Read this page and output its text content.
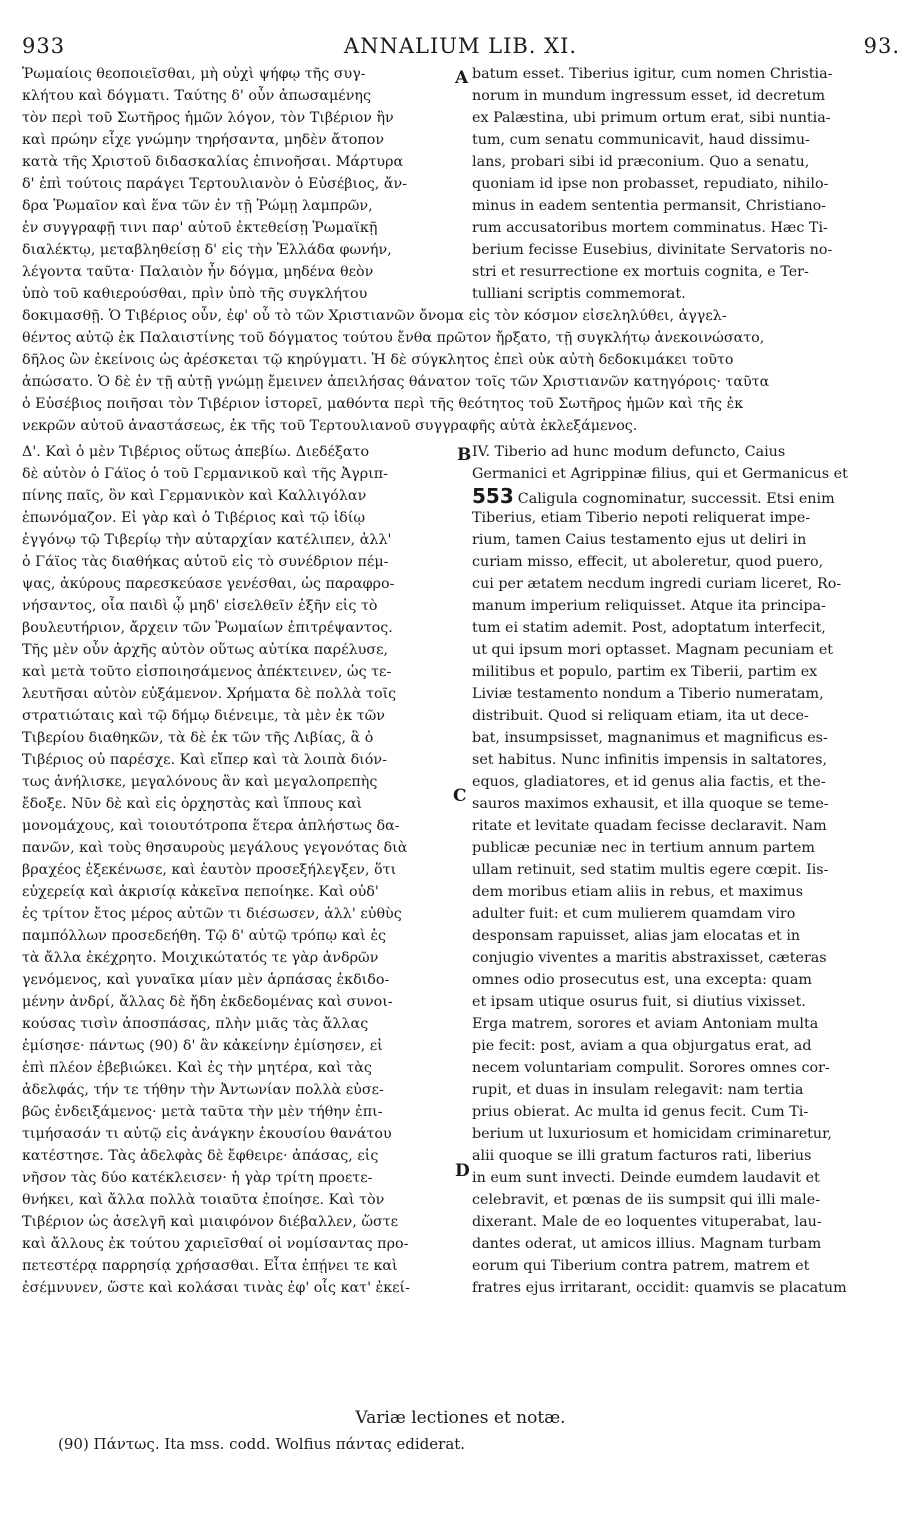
933	ANNALIUM LIB. XI.	93.
Ῥωμαίοις θεοποιεῖσθαι, μὴ οὐχὶ ψήφῳ τῆς συγ-
κλήτου καὶ δόγματι. Ταύτης δ' οὖν ἀπωσαμένης
τὸν περὶ τοῦ Σωτῆρος ἡμῶν λόγον, τὸν Τιβέριον ἣν
καὶ πρώην εἶχε γνώμην τηρήσαντα, μηδὲν ἄτοπον
κατὰ τῆς Χριστοῦ διδασκαλίας ἐπινοῆσαι. Μάρτυρα
δ' ἐπὶ τούτοις παράγει Τερτουλιανὸν ὁ Εὐσέβιος, ἄν-
δρα Ῥωμαῖον καὶ ἕνα τῶν ἐν τῇ Ῥώμῃ λαμπρῶν,
ἐν συγγραφῇ τινι παρ' αὐτοῦ ἐκτεθείσῃ Ῥωμαϊκῇ
διαλέκτῳ, μεταβληθείσῃ δ' εἰς τὴν Ἑλλάδα φωνήν,
λέγοντα ταῦτα· Παλαιὸν ἦν δόγμα, μηδένα θεὸν
ὑπὸ τοῦ καθιερούσθαι, πρὶν ὑπὸ τῆς συγκλήτου
batum esset. Tiberius igitur, cum nomen Christia-
norum in mundum ingressum esset, id decretum
ex Palæstina, ubi primum ortum erat, sibi nuntia-
tum, cum senatu communicavit, haud dissimu-
lans, probari sibi id præconium. Quo a senatu,
quoniam id ipse non probasset, repudiato, nihilo-
minus in eadem sententia permansit, Christiano-
rum accusatoribus mortem comminatus. Hæc Ti-
berium fecisse Eusebius, divinitate Servatoris no-
stri et resurrectione ex mortuis cognita, e Ter-
tulliani scriptis commemorat.
δοκιμασθῇ. Ὁ Τιβέριος οὖν, ἐφ' οὗ τὸ τῶν Χριστιανῶν ὄνομα εἰς τὸν κόσμον εἰσεληλύθει, ἀγγελ-
θέντος αὐτῷ ἐκ Παλαιστίνης τοῦ δόγματος τούτου ἔνθα πρῶτον ἤρξατο, τῇ συγκλήτῳ ἀνεκοινώσατο,
δῆλος ὢν ἐκείνοις ὡς ἀρέσκεται τῷ κηρύγματι. Ἡ δὲ σύγκλητος ἐπεὶ οὐκ αὐτὴ δεδοκιμάκει τοῦτο
ἀπώσατο. Ὁ δὲ ἐν τῇ αὐτῇ γνώμῃ ἔμεινεν ἀπειλήσας θάνατον τοῖς τῶν Χριστιανῶν κατηγόροις· ταῦτα
ὁ Εὐσέβιος ποιῆσαι τὸν Τιβέριον ἱστορεῖ, μαθόντα περὶ τῆς θεότητος τοῦ Σωτῆρος ἡμῶν καὶ τῆς ἐκ
νεκρῶν αὐτοῦ ἀναστάσεως, ἐκ τῆς τοῦ Τερτουλιανοῦ συγγραφῆς αὐτὰ ἐκλεξάμενος.
Δ'. Καὶ ὁ μὲν Τιβέριος οὕτως ἀπεβίω. Διεδέξατο
δὲ αὐτὸν ὁ Γάϊος ὁ τοῦ Γερμανικοῦ καὶ τῆς Ἀγριπ-
πίνης παῖς, ὃν καὶ Γερμανικὸν καὶ Καλλιγόλαν
ἐπωνόμαζον. Εἰ γὰρ καὶ ὁ Τιβέριος καὶ τῷ ἰδίῳ
ἐγγόνῳ τῷ Τιβερίῳ τὴν αὐταρχίαν κατέλιπεν, ἀλλ'
ὁ Γάϊος τὰς διαθήκας αὐτοῦ εἰς τὸ συνέδριον πέμ-
ψας, ἀκύρους παρεσκεύασε γενέσθαι, ὡς παραφρο-
νήσαντος, οἷα παιδὶ ᾧ μηδ' εἰσελθεῖν ἐξῆν εἰς τὸ
βουλευτήριον, ἄρχειν τῶν Ῥωμαίων ἐπιτρέψαντος.
Τῆς μὲν οὖν ἀρχῆς αὐτὸν οὕτως αὐτίκα παρέλυσε,
καὶ μετὰ τοῦτο εἰσποιησάμενος ἀπέκτεινεν, ὡς τε-
λευτῆσαι αὐτὸν εὐξάμενον. Χρήματα δὲ πολλὰ τοῖς
στρατιώταις καὶ τῷ δήμῳ διένειμε, τὰ μὲν ἐκ τῶν
Τιβερίου διαθηκῶν, τὰ δὲ ἐκ τῶν τῆς Λιβίας, ἃ ὁ
Τιβέριος οὐ παρέσχε. Καὶ εἴπερ καὶ τὰ λοιπὰ διόν-
τως ἀνήλισκε, μεγαλόνους ἂν καὶ μεγαλοπρεπὴς
ἔδοξε. Νῦν δὲ καὶ εἰς ὀρχηστὰς καὶ ἵππους καὶ
μονομάχους, καὶ τοιουτότροπα ἕτερα ἀπλήστως δα-
πανῶν, καὶ τοὺς θησαυροὺς μεγάλους γεγονότας διὰ
βραχέος ἐξεκένωσε, καὶ ἑαυτὸν προσεξήλεγξεν, ὅτι
εὐχερείᾳ καὶ ἀκρισίᾳ κἀκεῖνα πεποίηκε. Καὶ οὐδ'
ἐς τρίτον ἔτος μέρος αὐτῶν τι διέσωσεν, ἀλλ' εὐθὺς
παμπόλλων προσεδεήθη. Τῷ δ' αὐτῷ τρόπῳ καὶ ἐς
τὰ ἄλλα ἐκέχρητο. Μοιχικώτατός τε γὰρ ἀνδρῶν
γενόμενος, καὶ γυναῖκα μίαν μὲν ἁρπάσας ἐκδιδο-
μένην ἀνδρί, ἄλλας δὲ ἤδη ἐκδεδομένας καὶ συνοι-
κούσας τισὶν ἀποσπάσας, πλὴν μιᾶς τὰς ἄλλας
ἐμίσησε· πάντως (90) δ' ἂν κἀκείνην ἐμίσησεν, εἰ
ἐπὶ πλέον ἐβεβιώκει. Καὶ ἐς τὴν μητέρα, καὶ τὰς
ἀδελφάς, τήν τε τήθην τὴν Ἀντωνίαν πολλὰ εὐσε-
βῶς ἐνδειξάμενος· μετὰ ταῦτα τὴν μὲν τήθην ἐπι-
τιμήσασάν τι αὐτῷ εἰς ἀνάγκην ἑκουσίου θανάτου
κατέστησε. Τὰς ἀδελφὰς δὲ ἔφθειρε· ἁπάσας, εἰς
νῆσον τὰς δύο κατέκλεισεν· ἡ γὰρ τρίτη προετε-
θνήκει, καὶ ἄλλα πολλὰ τοιαῦτα ἐποίησε. Καὶ τὸν
Τιβέριον ὡς ἀσελγῆ καὶ μιαιφόνον διέβαλλεν, ὥστε
καὶ ἄλλους ἐκ τούτου χαριεῖσθαί οἱ νομίσαντας προ-
πετεστέρᾳ παρρησίᾳ χρήσασθαι. Εἶτα ἐπῄνει τε καὶ
ἐσέμνυνεν, ὥστε καὶ κολάσαι τινὰς ἐφ' οἷς κατ' ἐκεί-
IV. Tiberio ad hunc modum defuncto, Caius
Germanici et Agrippinæ filius, qui et Germanicus et
553 Caligula cognominatur, successit. Etsi enim
Tiberius, etiam Tiberio nepoti reliquerat impe-
rium, tamen Caius testamento ejus ut deliri in
curiam misso, effecit, ut aboleretur, quod puero,
cui per ætatem necdum ingredi curiam liceret, Ro-
manum imperium reliquisset. Atque ita principa-
tum ei statim ademit. Post, adoptatum interfecit,
ut qui ipsum mori optasset. Magnam pecuniam et
militibus et populo, partim ex Tiberii, partim ex
Liviæ testamento nondum a Tiberio numeratam,
distribuit. Quod si reliquam etiam, ita ut dece-
bat, insumpsisset, magnanimus et magnificus es-
set habitus. Nunc infinitis impensis in saltatores,
equos, gladiatores, et id genus alia factis, et the-
sauros maximos exhausit, et illa quoque se teme-
ritate et levitate quadam fecisse declaravit. Nam
publicæ pecuniæ nec in tertium annum partem
ullam retinuit, sed statim multis egere cœpit. Iis-
dem moribus etiam aliis in rebus, et maximus
adulter fuit: et cum mulierem quamdam viro
desponsam rapuisset, alias jam elocatas et in
conjugio viventes a maritis abstraxisset, cæteras
omnes odio prosecutus est, una excepta: quam
et ipsam utique osurus fuit, si diutius vixisset.
Erga matrem, sorores et aviam Antoniam multa
pie fecit: post, aviam a qua objurgatus erat, ad
necem voluntariam compulit. Sorores omnes cor-
rupit, et duas in insulam relegavit: nam tertia
prius obierat. Ac multa id genus fecit. Cum Ti-
berium ut luxuriosum et homicidam criminaretur,
alii quoque se illi gratum facturos rati, liberius
in eum sunt invecti. Deinde eumdem laudavit et
celebravit, et pœnas de iis sumpsit qui illi male-
dixerant. Male de eo loquentes vituperabat, lau-
dantes oderat, ut amicos illius. Magnam turbam
eorum qui Tiberium contra patrem, matrem et
fratres ejus irritarant, occidit: quamvis se placatum
A
B
C
D
Variæ lectiones et notæ.
(90) Πάντως. Ita mss. codd. Wolfius πάντας ediderat.
